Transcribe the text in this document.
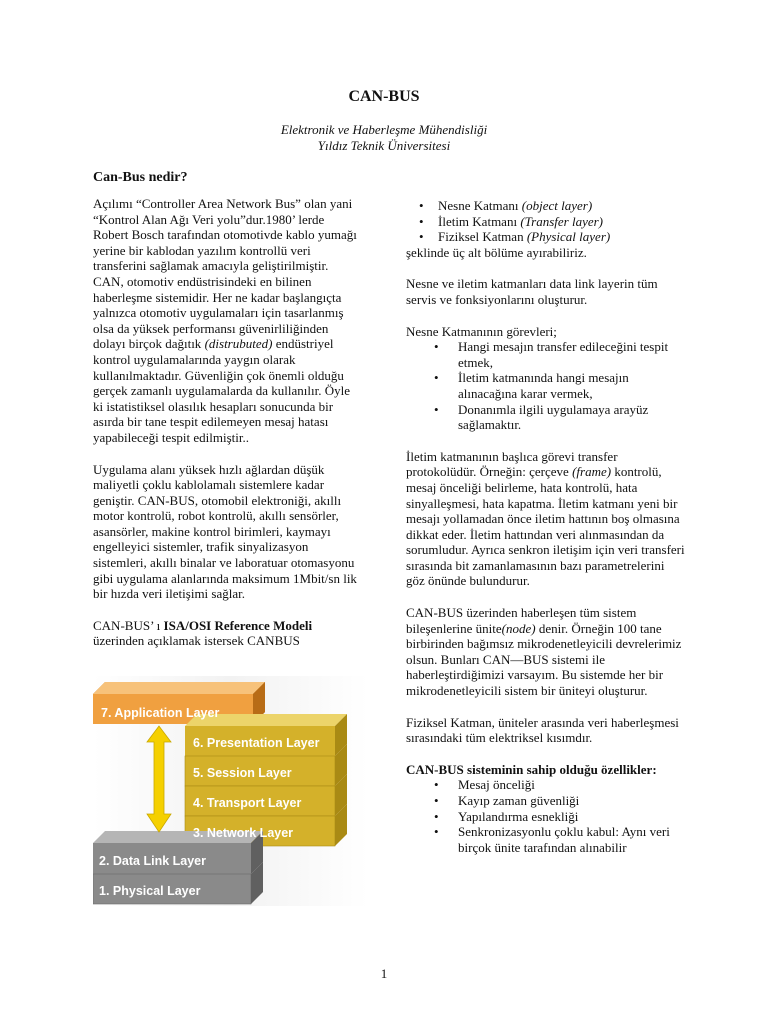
CAN-BUS
Elektronik ve Haberleşme Mühendisliği
Yıldız Teknik Üniversitesi
Can-Bus nedir?

Açılımı “Controller Area Network Bus” olan yani “Kontrol Alan Ağı Veri yolu”dur.1980’ lerde Robert Bosch tarafından otomotivde kablo yumağı yerine bir kablodan yazılım kontrollü veri transferini sağlamak amacıyla geliştirilmiştir. CAN, otomotiv endüstrisindeki en bilinen haberleşme sistemidir. Her ne kadar başlangıçta yalnızca otomotiv uygulamaları için tasarlanmış olsa da yüksek performansı güvenirliliğinden dolayı birçok dağıtık (distrubuted) endüstriyel kontrol uygulamalarında yaygın olarak kullanılmaktadır. Güvenliğin çok önemli olduğu gerçek zamanlı uygulamalarda da kullanılır. Öyle ki istatistiksel olasılık hesapları sonucunda bir asırda bir tane tespit edilemeyen mesaj hatası yapabileceği tespit edilmiştir..

Uygulama alanı yüksek hızlı ağlardan düşük maliyetli çoklu kablolamalı sistemlere kadar geniştir. CAN-BUS, otomobil elektroniği, akıllı motor kontrolü, robot kontrolü, akıllı sensörler, asansörler, makine kontrol birimleri, kaymayı engelleyici sistemler, trafik sinyalizasyon sistemleri, akıllı binalar ve laboratuar otomasyonu gibi uygulama alanlarında maksimum 1Mbit/sn lik bir hızda veri iletişimi sağlar.

CAN-BUS’ ı ISA/OSI Reference Modeli üzerinden açıklamak istersek CANBUS

7. Application Layer
6. Presentation Layer
5. Session Layer
4. Transport Layer
3. Network Layer
2. Data Link Layer
1. Physical Layer
• Nesne Katmanı (object layer)
• İletim Katmanı (Transfer layer)
• Fiziksel Katman (Physical layer)

şeklinde üç alt bölüme ayırabiliriz.

Nesne ve iletim katmanları data link layerin tüm servis ve fonksiyonlarını oluşturur.

Nesne Katmanının görevleri;

• Hangi mesajın transfer edileceğini tespit etmek,
• İletim katmanında hangi mesajın alınacağına karar vermek,
• Donanımla ilgili uygulamaya arayüz sağlamaktır.

İletim katmanının başlıca görevi transfer protokolüdür. Örneğin: çerçeve (frame) kontrolü, mesaj önceliği belirleme, hata kontrolü, hata sinyalleşmesi, hata kapatma. İletim katmanı yeni bir mesajı yollamadan önce iletim hattının boş olmasına dikkat eder. İletim hattından veri alınmasından da sorumludur. Ayrıca senkron iletişim için veri transferi sırasında bit zamanlamasının bazı parametrelerini göz önünde bulundurur.

CAN-BUS üzerinden haberleşen tüm sistem bileşenlerine ünite(node) denir. Örneğin 100 tane birbirinden bağımsız mikrodenetleyicili devrelerimiz olsun. Bunları CAN—BUS sistemi ile haberleştirdiğimizi varsayım. Bu sistemde her bir mikrodenetleyicili sistem bir üniteyi oluşturur.

Fiziksel Katman, üniteler arasında veri haberleşmesi sırasındaki tüm elektriksel kısımdır.

CAN-BUS sisteminin sahip olduğu özellikler:

• Mesaj önceliği
• Kayıp zaman güvenliği
• Yapılandırma esnekliği
• Senkronizasyonlu çoklu kabul: Aynı veri birçok ünite tarafından alınabilir
1
